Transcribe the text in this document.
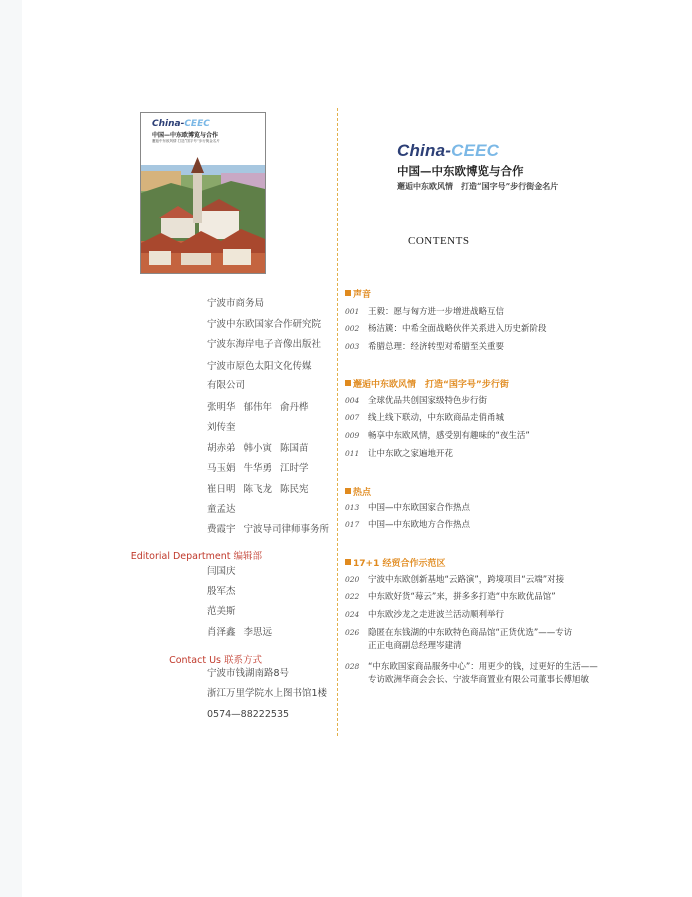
China-CEEC
中国—中东欧博览与合作
邂逅中东欧风情 打造“国字号”步行街金名片
宁波市商务局
宁波中东欧国家合作研究院
宁波东海岸电子音像出版社
宁波市原色太阳文化传媒
有限公司
张明华 郁伟年 俞丹桦
刘传奎
胡赤弟 韩小寅 陈国苗
马玉娟 牛华勇 江时学
崔日明 陈飞龙 陈民宪
童孟达
费霞宇 宁波导司律师事务所
Editorial Department 编辑部
闫国庆
殷军杰
范美斯
肖泽鑫 李思远
Contact Us 联系方式
宁波市钱湖南路8号
浙江万里学院水上图书馆1楼
0574—88222535
China-CEEC
中国—中东欧博览与合作
邂逅中东欧风情　打造“国字号”步行街金名片
CONTENTS
声音
001 王毅：愿与匈方进一步增进战略互信
002 杨洁篪：中希全面战略伙伴关系进入历史新阶段
003 希腊总理：经济转型对希腊至关重要
邂逅中东欧风情　打造“国字号”步行街
004 全球优品共创国家级特色步行街
007 线上线下联动，中东欧商品走俏甬城
009 畅享中东欧风情，感受别有趣味的“夜生活”
011 让中东欧之家遍地开花
热点
013 中国—中东欧国家合作热点
017 中国—中东欧地方合作热点
17+1 经贸合作示范区
020 宁波中东欧创新基地“云路演”，跨境项目“云端”对接
022 中东欧好货“莓云”来，拼多多打造“中东欧优品馆”
024 中东欧沙龙之走进波兰活动顺利举行
026 隐匿在东钱湖的中东欧特色商品馆“正货优选”——专访
正正电商副总经理岑建清
028 “中东欧国家商品服务中心”：用更少的钱，过更好的生活——
专访欧洲华商会会长、宁波华商置业有限公司董事长傅旭敏
